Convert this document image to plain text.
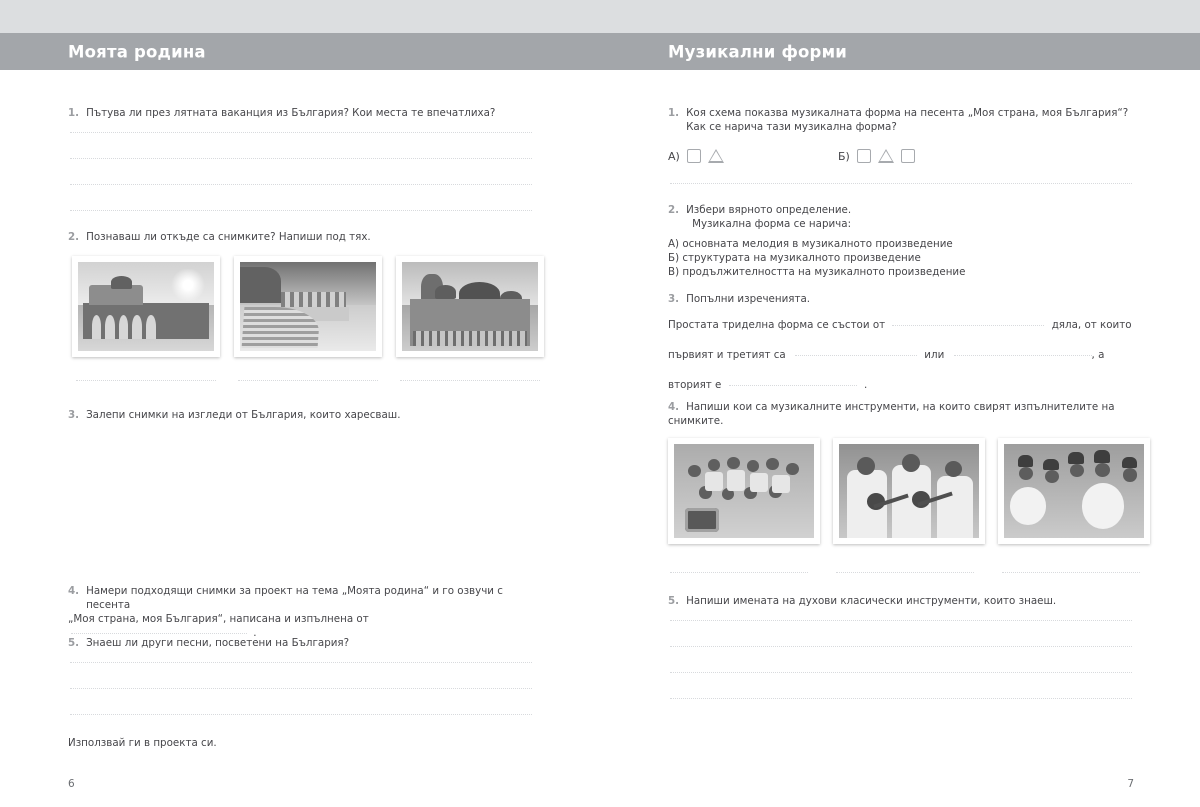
Моята родина	Музикални форми
1. Пътува ли през лятната ваканция из България? Кои места те впечатлиха?
2. Познаваш ли откъде са снимките? Напиши под тях.
3. Залепи снимки на изгледи от България, които харесваш.
4. Намери подходящи снимки за проект на тема „Моята родина“ и го озвучи с песента
„Моя страна, моя България“, написана и изпълнена от  .
5. Знаеш ли други песни, посветени на България?
Използвай ги в проекта си.
6
1. Коя схема показва музикалната форма на песента „Моя страна, моя България“?
Как се нарича тази музикална форма?
А)	Б)
2. Избери вярното определение.
Музикална форма се нарича:
А) основната мелодия в музикалното произведение
Б) структурата на музикалното произведение
В) продължителността на музикалното произведение
3. Попълни изреченията.
Простата триделна форма се състои от	дяла, от които
първият и третият са	или	, а
вторият е	.
4. Напиши кои са музикалните инструменти, на които свирят изпълнителите на
снимките.
5. Напиши имената на духови класически инструменти, които знаеш.
7
